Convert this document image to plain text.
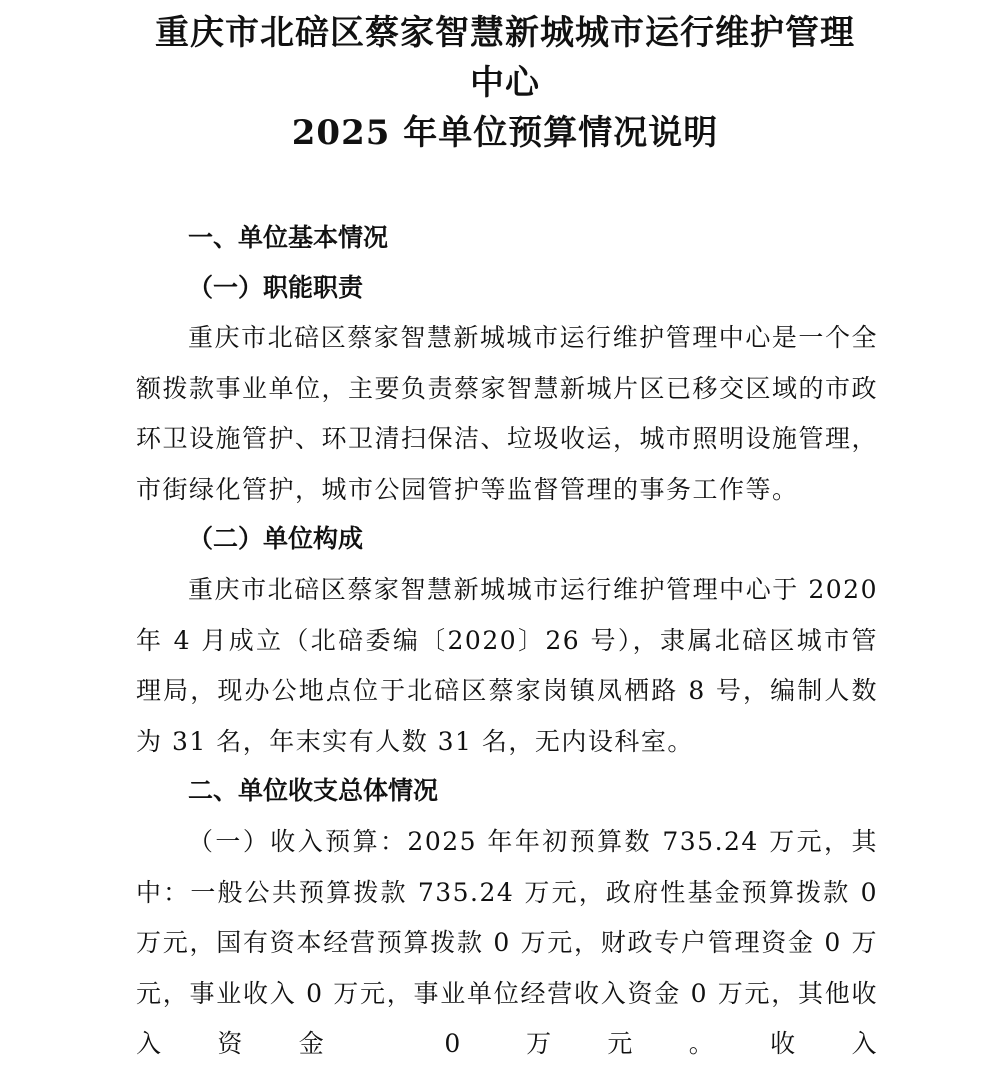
重庆市北碚区蔡家智慧新城城市运行维护管理
中心
2025 年单位预算情况说明
一、单位基本情况
（一）职能职责

重庆市北碚区蔡家智慧新城城市运行维护管理中心是一个全额拨款事业单位，主要负责蔡家智慧新城片区已移交区域的市政环卫设施管护、环卫清扫保洁、垃圾收运，城市照明设施管理，市街绿化管护，城市公园管护等监督管理的事务工作等。

（二）单位构成

重庆市北碚区蔡家智慧新城城市运行维护管理中心于 2020 年 4 月成立（北碚委编〔2020〕26 号），隶属北碚区城市管理局，现办公地点位于北碚区蔡家岗镇凤栖路 8 号，编制人数为 31 名，年末实有人数 31 名，无内设科室。

二、单位收支总体情况

（一）收入预算：2025 年年初预算数 735.24 万元，其中：一般公共预算拨款 735.24 万元，政府性基金预算拨款 0 万元，国有资本经营预算拨款 0 万元，财政专户管理资金 0 万元，事业收入 0 万元，事业单位经营收入资金 0 万元，其他收入资金 0 万元。收入
